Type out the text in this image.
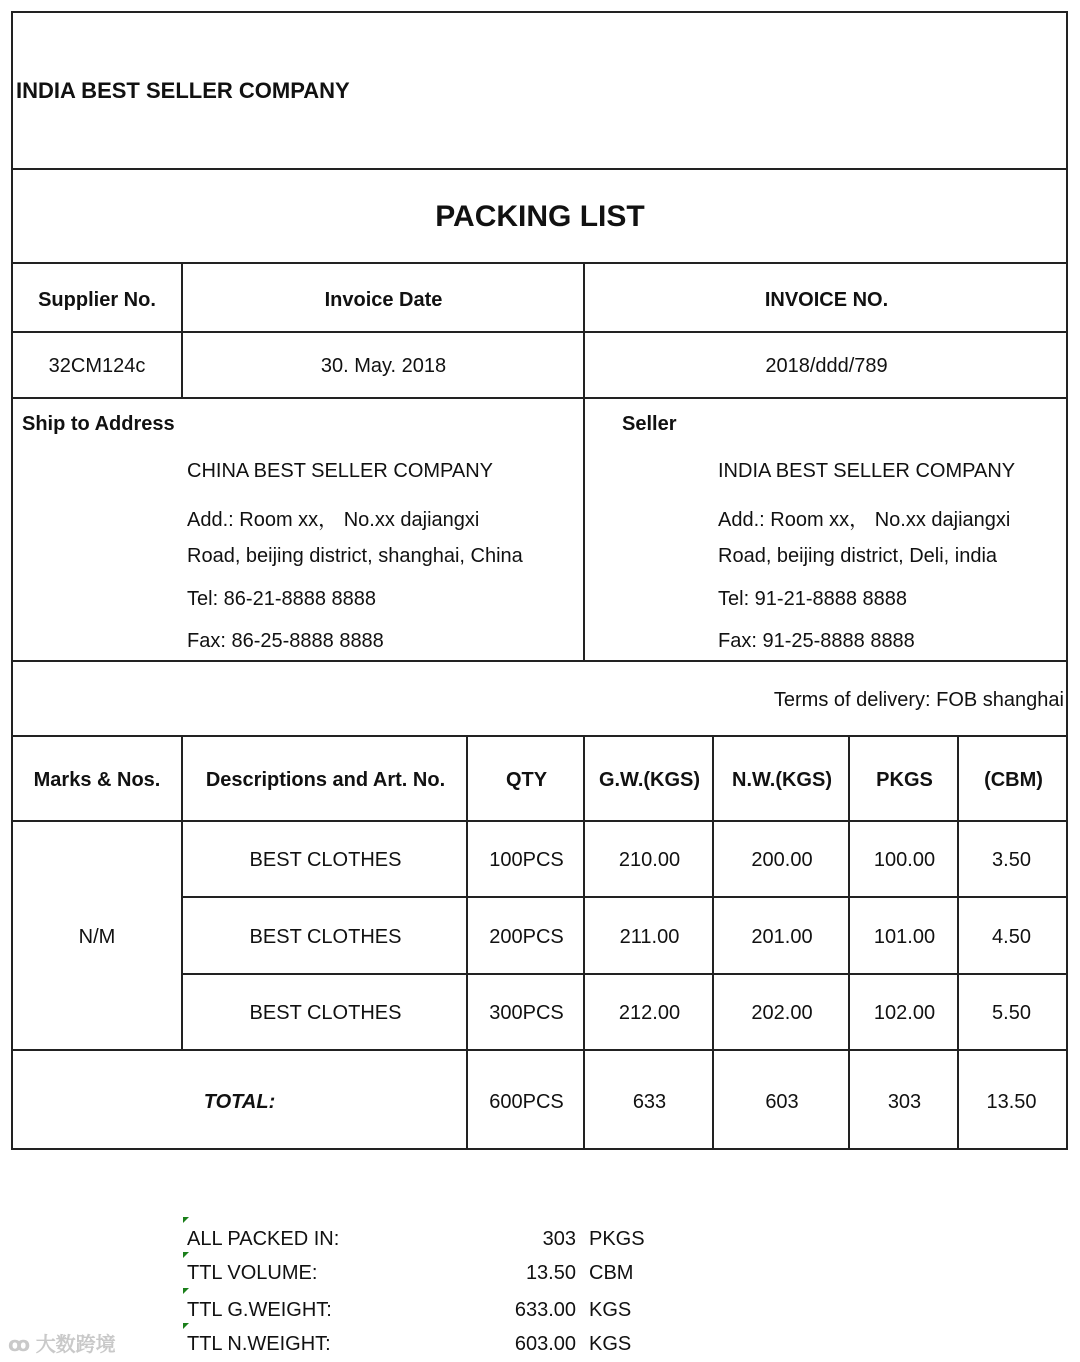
INDIA BEST SELLER COMPANY
PACKING LIST
Supplier No.	Invoice Date	INVOICE NO.
32CM124c	30. May. 2018	2018/ddd/789
Ship to Address
CHINA BEST SELLER COMPANY
Add.: Room xx， No.xx dajiangxi
Road, beijing district, shanghai, China
Tel: 86-21-8888 8888
Fax: 86-25-8888 8888
Seller
INDIA BEST SELLER COMPANY
Add.: Room xx， No.xx dajiangxi
Road, beijing district, Deli, india
Tel: 91-21-8888 8888
Fax: 91-25-8888 8888
Terms of delivery: FOB shanghai
Marks & Nos.	Descriptions and Art. No.	QTY	G.W.(KGS)	N.W.(KGS)	PKGS	(CBM)
N/M
BEST CLOTHES	100PCS	210.00	200.00	100.00	3.50
BEST CLOTHES	200PCS	211.00	201.00	101.00	4.50
BEST CLOTHES	300PCS	212.00	202.00	102.00	5.50
TOTAL:	600PCS	633	603	303	13.50
ALL PACKED IN:	303 PKGS
TTL VOLUME:	13.50 CBM
TTL G.WEIGHT:	633.00 KGS
TTL N.WEIGHT:	603.00 KGS
ꝏ 大数跨境
